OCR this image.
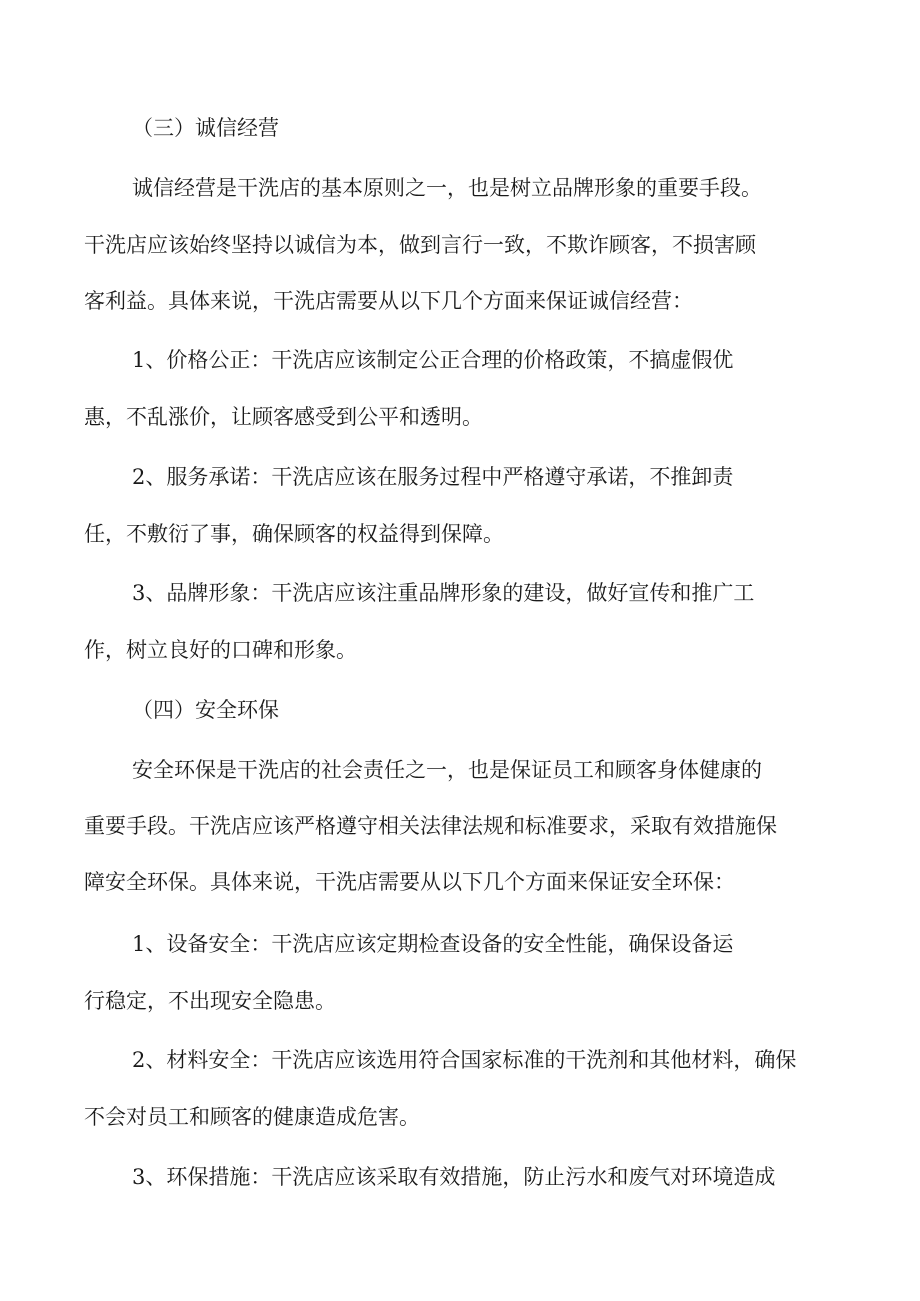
（三）诚信经营
诚信经营是干洗店的基本原则之一，也是树立品牌形象的重要手段。
干洗店应该始终坚持以诚信为本，做到言行一致，不欺诈顾客，不损害顾
客利益。具体来说，干洗店需要从以下几个方面来保证诚信经营：
1、价格公正：干洗店应该制定公正合理的价格政策，不搞虚假优
惠，不乱涨价，让顾客感受到公平和透明。
2、服务承诺：干洗店应该在服务过程中严格遵守承诺，不推卸责
任，不敷衍了事，确保顾客的权益得到保障。
3、品牌形象：干洗店应该注重品牌形象的建设，做好宣传和推广工
作，树立良好的口碑和形象。
（四）安全环保
安全环保是干洗店的社会责任之一，也是保证员工和顾客身体健康的
重要手段。干洗店应该严格遵守相关法律法规和标准要求，采取有效措施保
障安全环保。具体来说，干洗店需要从以下几个方面来保证安全环保：
1、设备安全：干洗店应该定期检查设备的安全性能，确保设备运
行稳定，不出现安全隐患。
2、材料安全：干洗店应该选用符合国家标准的干洗剂和其他材料，确保
不会对员工和顾客的健康造成危害。
3、环保措施：干洗店应该采取有效措施，防止污水和废气对环境造成
